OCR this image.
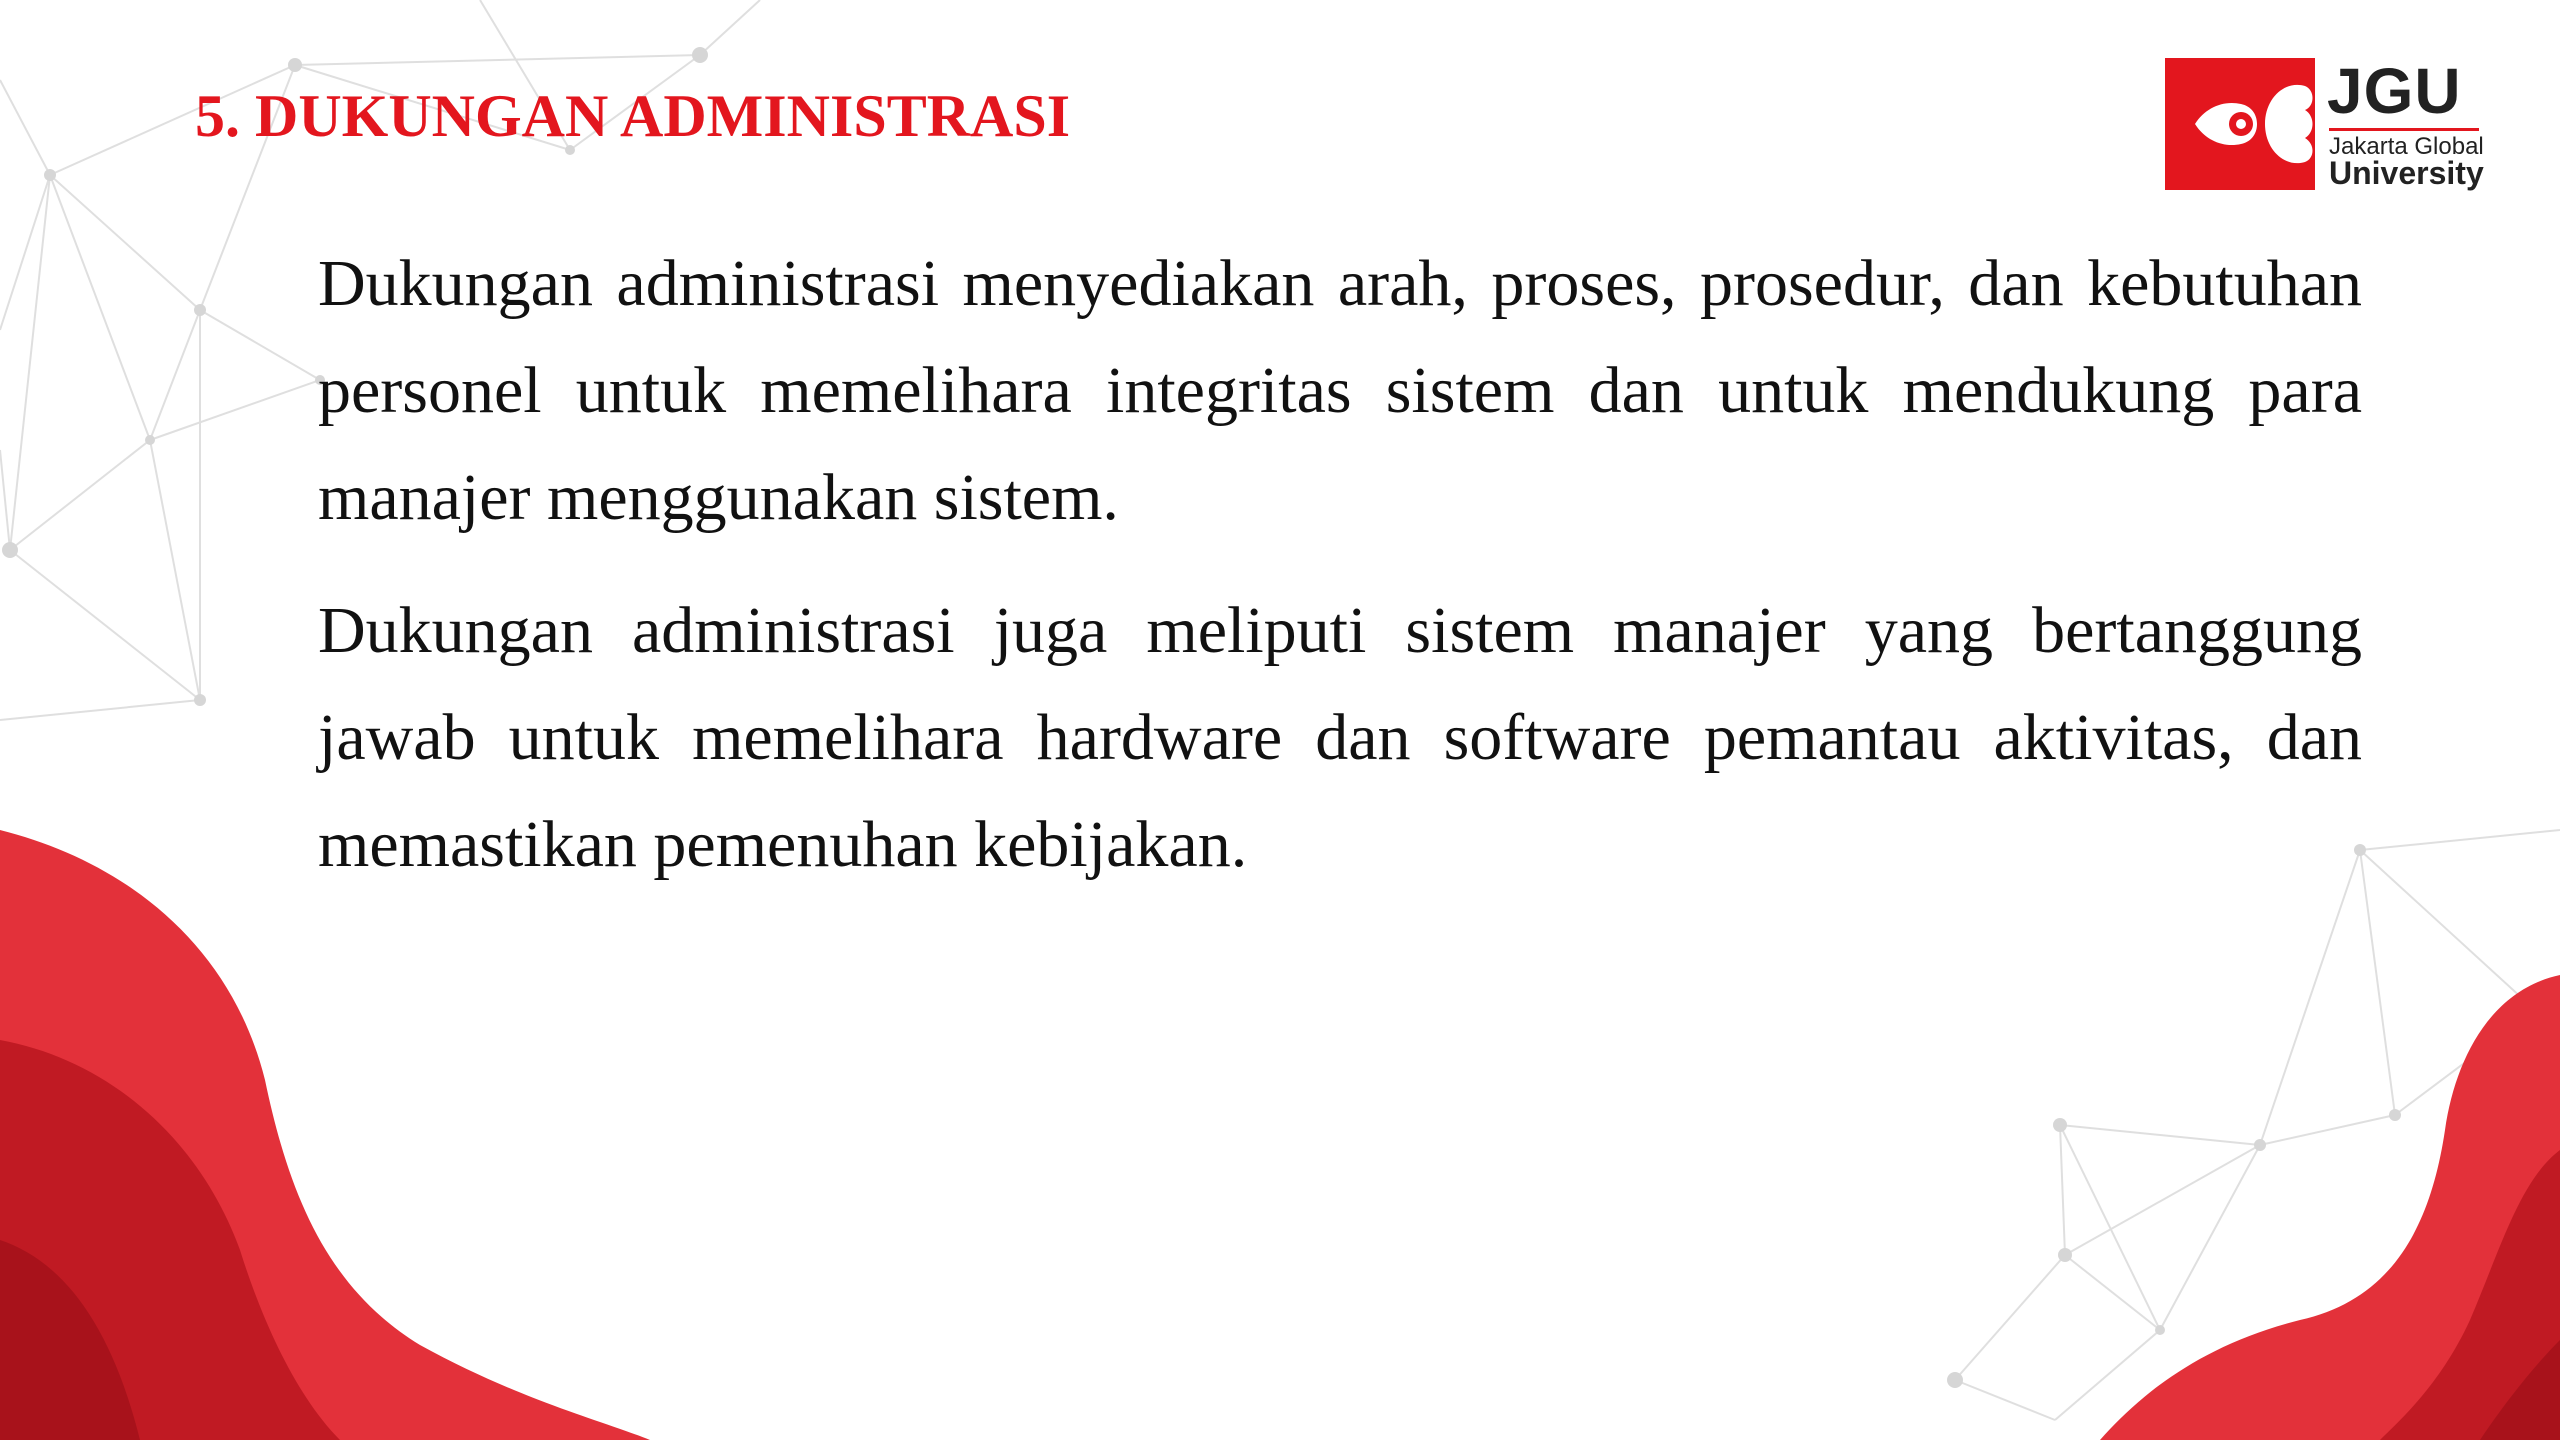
5. DUKUNGAN ADMINISTRASI	JGU
Jakarta Global
University

Dukungan administrasi menyediakan arah, proses, prosedur, dan kebutuhan personel untuk memelihara integritas sistem dan untuk mendukung para manajer menggunakan sistem.

Dukungan administrasi juga meliputi sistem manajer yang bertanggung jawab untuk memelihara hardware dan software pemantau aktivitas, dan memastikan pemenuhan kebijakan.
